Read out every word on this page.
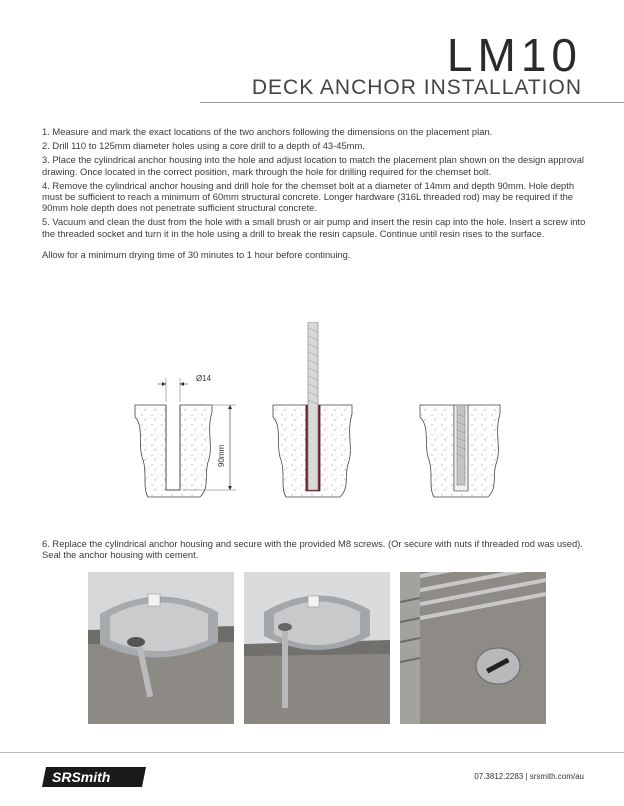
LM10
DECK ANCHOR INSTALLATION

1. Measure and mark the exact locations of the two anchors following the dimensions on the placement plan.

2. Drill 110 to 125mm diameter holes using a core drill to a depth of 43-45mm.

3. Place the cylindrical anchor housing into the hole and adjust location to match the placement plan shown on the design approval drawing. Once located in the correct position, mark through the hole for drilling required for the chemset bolt.

4. Remove the cylindrical anchor housing and drill hole for the chemset bolt at a diameter of 14mm and depth 90mm. Hole depth must be sufficient to reach a minimum of 60mm structural concrete. Longer hardware (316L threaded rod) may be required if the 90mm hole depth does not penetrate sufficient structural concrete.

5. Vacuum and clean the dust from the hole with a small brush or air pump and insert the resin cap into the hole. Insert a screw into the threaded socket and turn it in the hole using a drill to break the resin capsule. Continue until resin rises to the surface.

Allow for a minimum drying time of 30 minutes to 1 hour before continuing.

Ø14
90mm
6. Replace the cylindrical anchor housing and secure with the provided M8 screws. (Or secure with nuts if threaded rod was used). Seal the anchor housing with cement.
SRSmith	07.3812.2283 | srsmith.com/au
